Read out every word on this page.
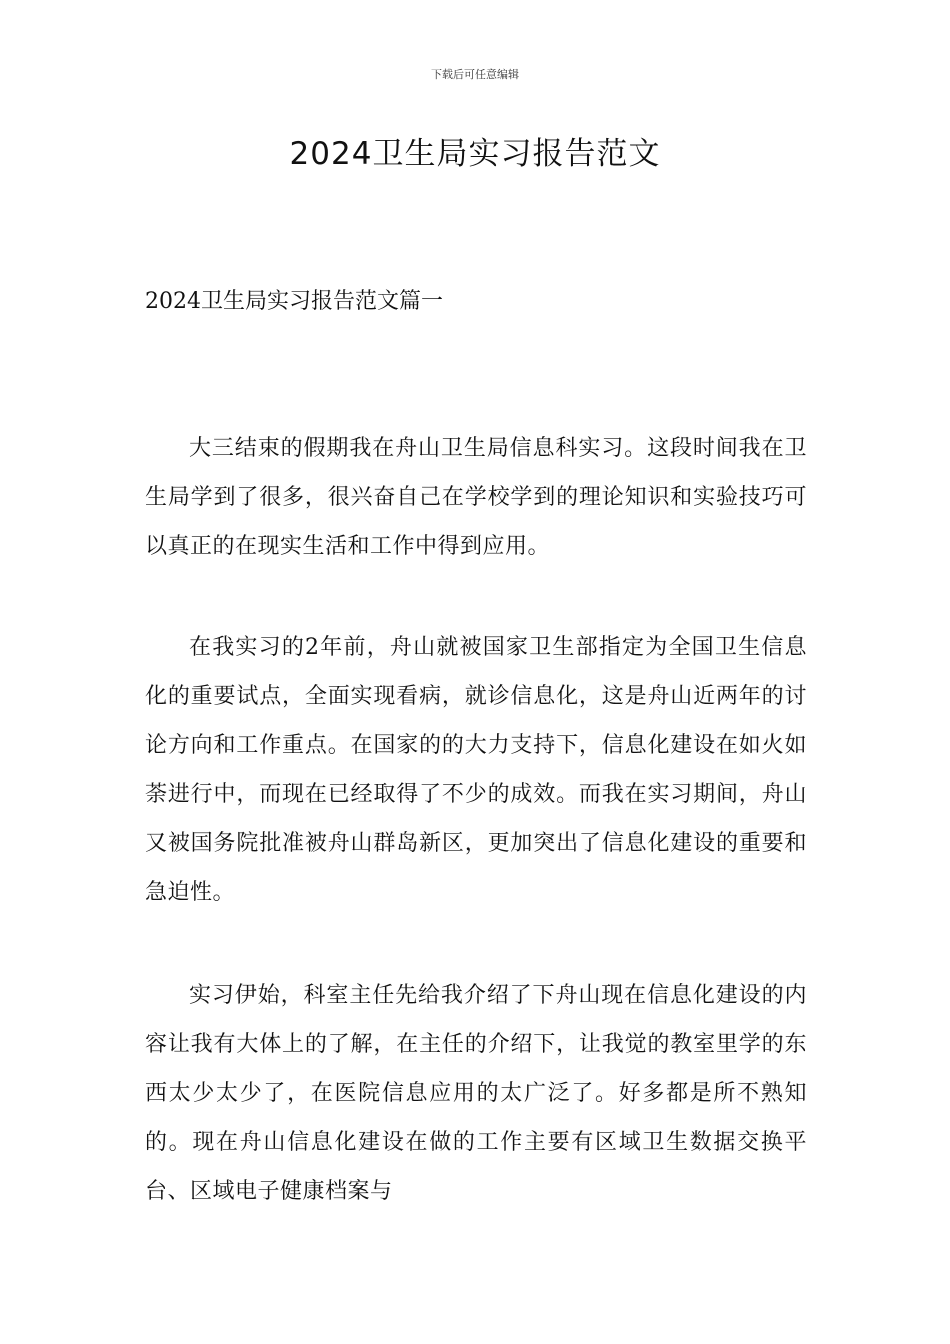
下载后可任意编辑
2024卫生局实习报告范文
2024卫生局实习报告范文篇一

大三结束的假期我在舟山卫生局信息科实习。这段时间我在卫生局学到了很多，很兴奋自己在学校学到的理论知识和实验技巧可以真正的在现实生活和工作中得到应用。

在我实习的2年前，舟山就被国家卫生部指定为全国卫生信息化的重要试点，全面实现看病，就诊信息化，这是舟山近两年的讨论方向和工作重点。在国家的的大力支持下，信息化建设在如火如荼进行中，而现在已经取得了不少的成效。而我在实习期间，舟山又被国务院批准被舟山群岛新区，更加突出了信息化建设的重要和急迫性。

实习伊始，科室主任先给我介绍了下舟山现在信息化建设的内容让我有大体上的了解，在主任的介绍下，让我觉的教室里学的东西太少太少了，在医院信息应用的太广泛了。好多都是所不熟知的。现在舟山信息化建设在做的工作主要有区域卫生数据交换平台、区域电子健康档案与
